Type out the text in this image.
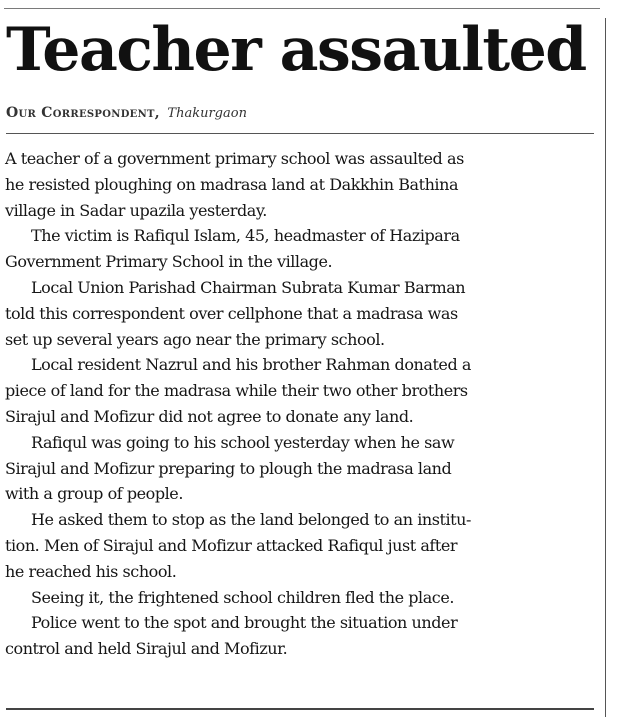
Teacher assaulted
Our Correspondent, Thakurgaon
A teacher of a government primary school was assaulted as
he resisted ploughing on madrasa land at Dakkhin Bathina
village in Sadar upazila yesterday.
The victim is Rafiqul Islam, 45, headmaster of Hazipara
Government Primary School in the village.
Local Union Parishad Chairman Subrata Kumar Barman
told this correspondent over cellphone that a madrasa was
set up several years ago near the primary school.
Local resident Nazrul and his brother Rahman donated a
piece of land for the madrasa while their two other brothers
Sirajul and Mofizur did not agree to donate any land.
Rafiqul was going to his school yesterday when he saw
Sirajul and Mofizur preparing to plough the madrasa land
with a group of people.
He asked them to stop as the land belonged to an institu-
tion. Men of Sirajul and Mofizur attacked Rafiqul just after
he reached his school.
Seeing it, the frightened school children fled the place.
Police went to the spot and brought the situation under
control and held Sirajul and Mofizur.
